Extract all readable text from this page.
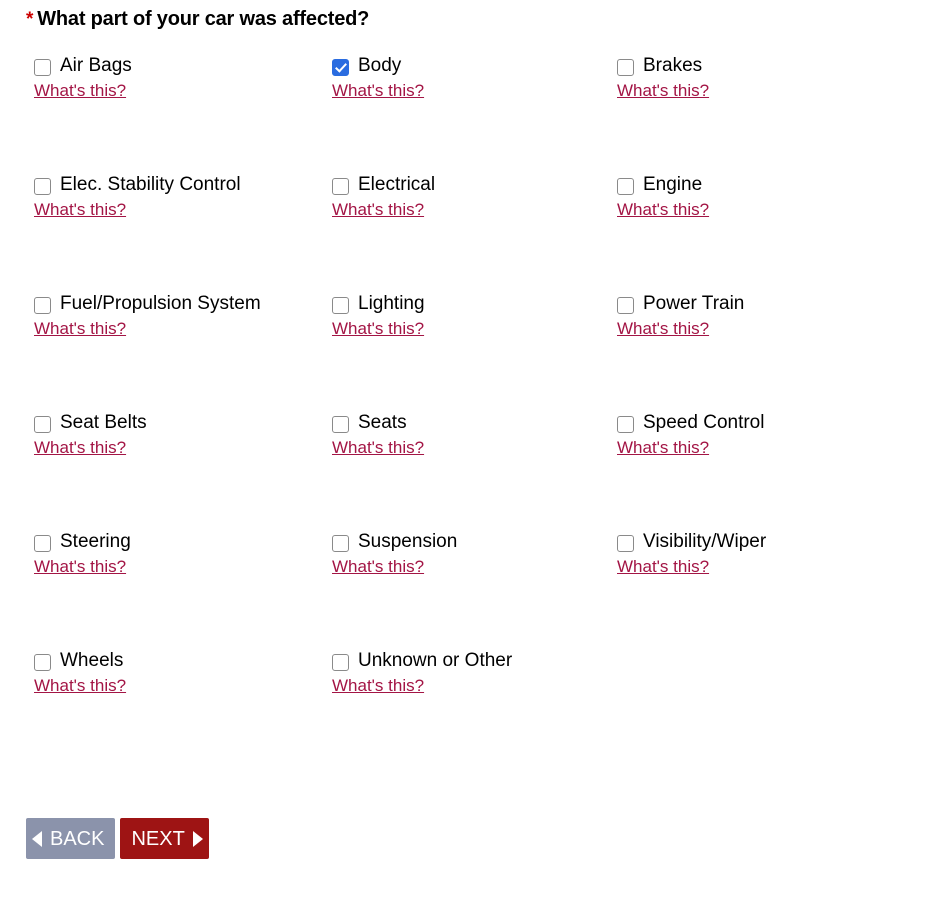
* What part of your car was affected?
Air Bags
What's this?
Body
What's this?
Brakes
What's this?
Elec. Stability Control
What's this?
Electrical
What's this?
Engine
What's this?
Fuel/Propulsion System
What's this?
Lighting
What's this?
Power Train
What's this?
Seat Belts
What's this?
Seats
What's this?
Speed Control
What's this?
Steering
What's this?
Suspension
What's this?
Visibility/Wiper
What's this?
Wheels
What's this?
Unknown or Other
What's this?
BACK NEXT
